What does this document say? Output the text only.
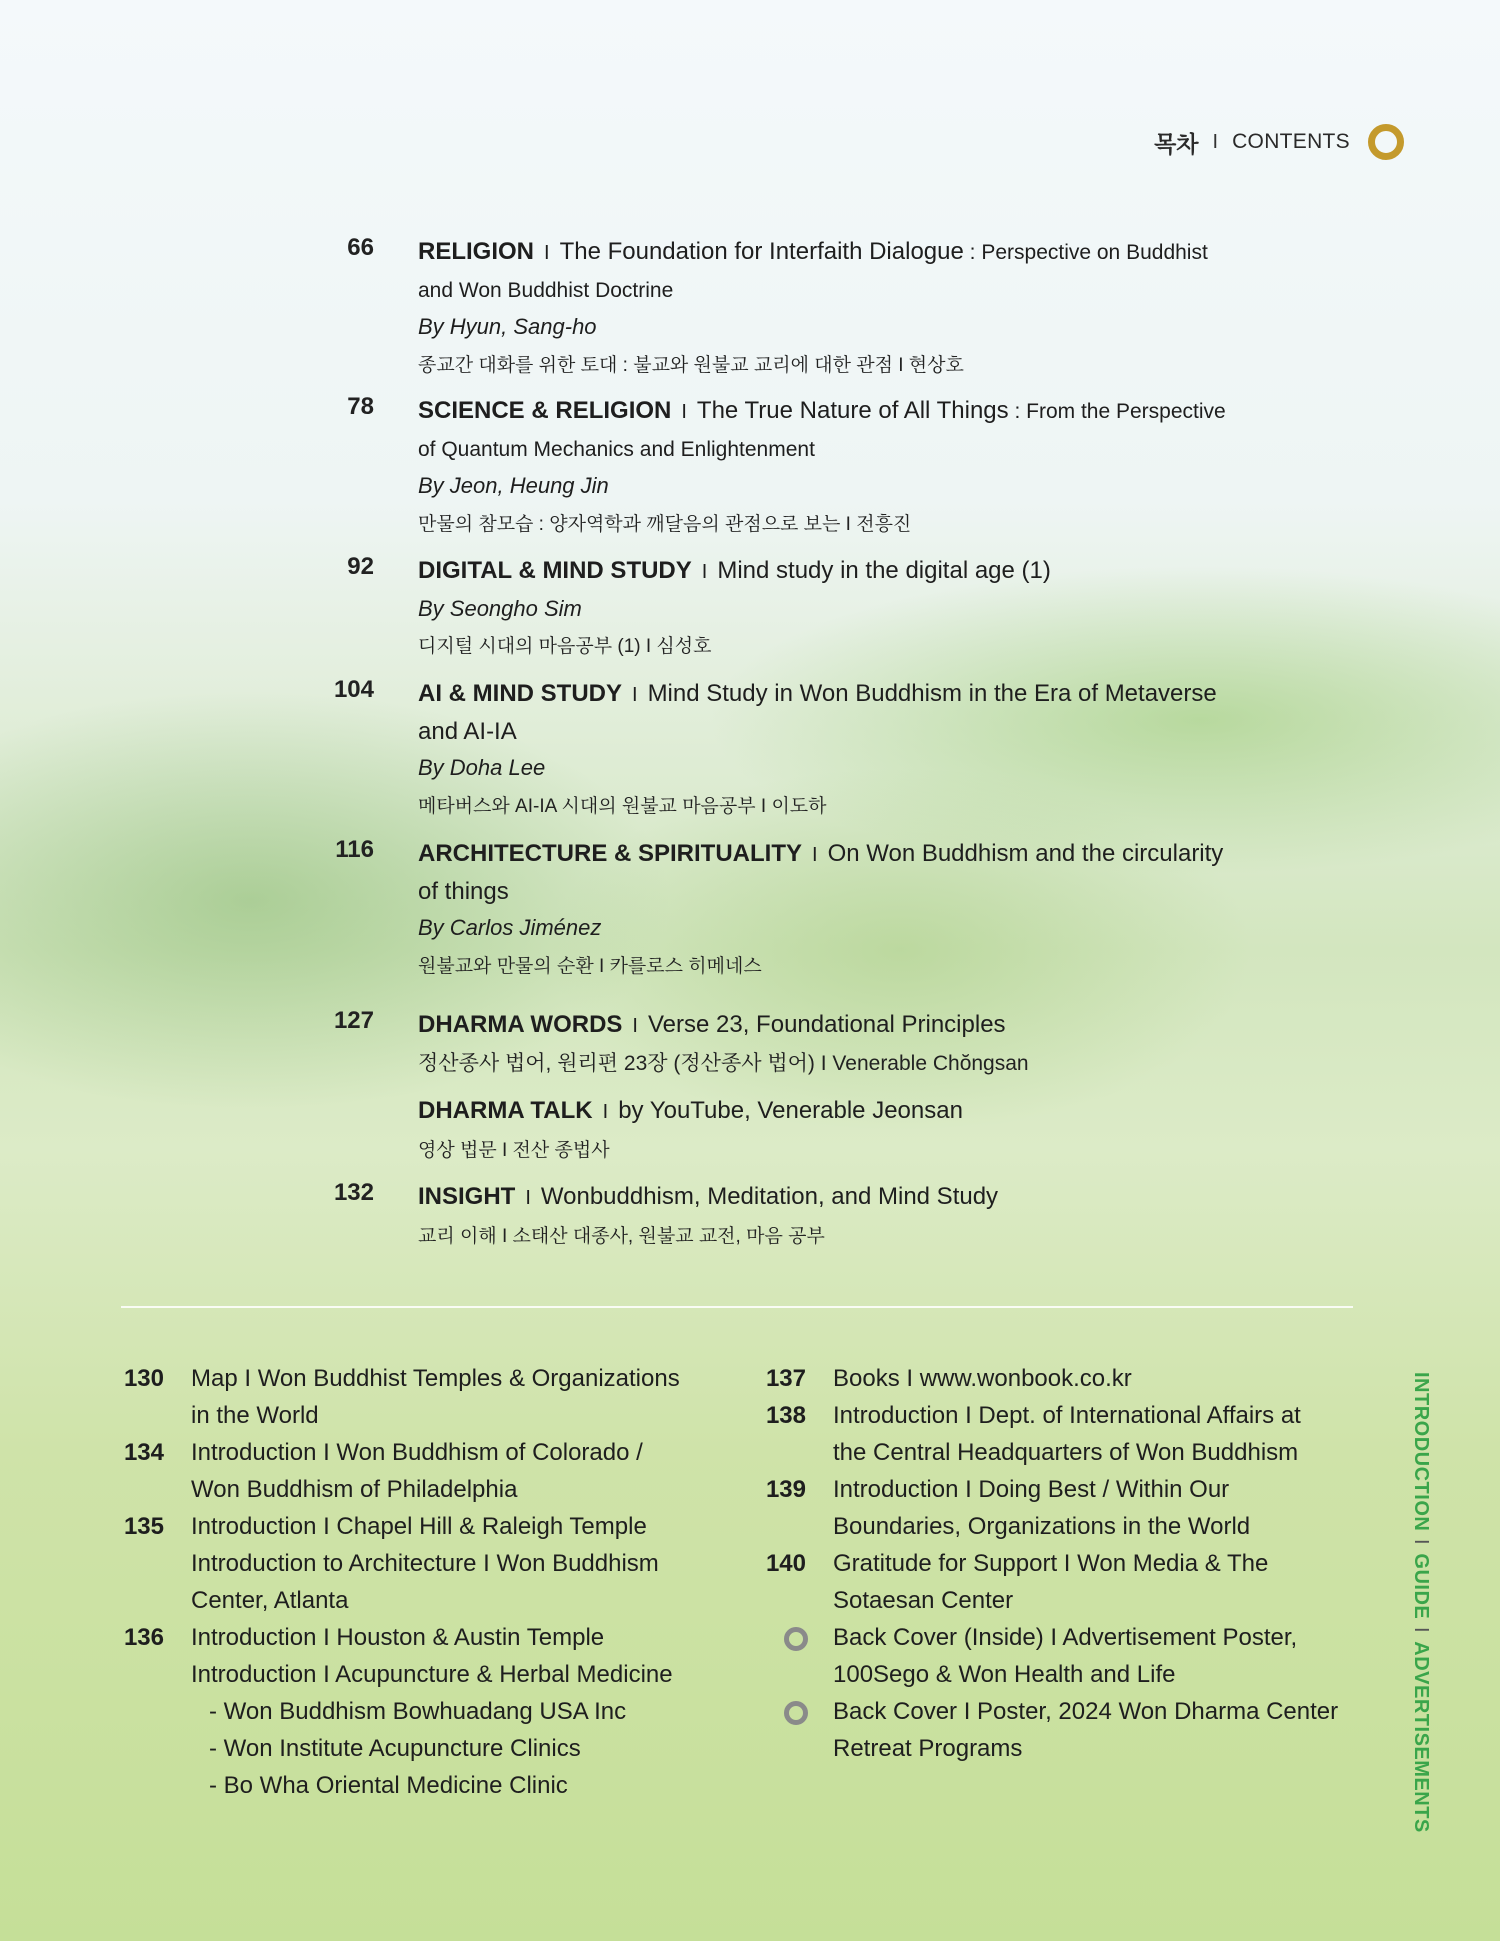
목차 I CONTENTS
66 RELIGION I The Foundation for Interfaith Dialogue : Perspective on Buddhist and Won Buddhist Doctrine
By Hyun, Sang-ho
종교간 대화를 위한 토대 : 불교와 원불교 교리에 대한 관점 I 현상호
78 SCIENCE & RELIGION I The True Nature of All Things : From the Perspective of Quantum Mechanics and Enlightenment
By Jeon, Heung Jin
만물의 참모습 : 양자역학과 깨달음의 관점으로 보는 I 전흥진
92 DIGITAL & MIND STUDY I Mind study in the digital age (1)
By Seongho Sim
디지털 시대의 마음공부 (1) I 심성호
104 AI & MIND STUDY I Mind Study in Won Buddhism in the Era of Metaverse and AI-IA
By Doha Lee
메타버스와 AI-IA 시대의 원불교 마음공부 I 이도하
116 ARCHITECTURE & SPIRITUALITY I On Won Buddhism and the circularity of things
By Carlos Jiménez
원불교와 만물의 순환 I 카를로스 히메네스
127 DHARMA WORDS I Verse 23, Foundational Principles
정산종사 법어, 원리편 23장 (정산종사 법어) I Venerable Chŏngsan
DHARMA TALK I by YouTube, Venerable Jeonsan
영상 법문 I 전산 종법사
132 INSIGHT I Wonbuddhism, Meditation, and Mind Study
교리 이해 I 소태산 대종사, 원불교 교전, 마음 공부
130 Map I Won Buddhist Temples & Organizations
in the World
134 Introduction I Won Buddhism of Colorado /
Won Buddhism of Philadelphia
135 Introduction I Chapel Hill & Raleigh Temple
Introduction to Architecture I Won Buddhism
Center, Atlanta
136 Introduction I Houston & Austin Temple
Introduction I Acupuncture & Herbal Medicine
- Won Buddhism Bowhuadang USA Inc
- Won Institute Acupuncture Clinics
- Bo Wha Oriental Medicine Clinic
137 Books I www.wonbook.co.kr
138 Introduction I Dept. of International Affairs at
the Central Headquarters of Won Buddhism
139 Introduction I Doing Best / Within Our
Boundaries, Organizations in the World
140 Gratitude for Support I Won Media & The
Sotaesan Center
Back Cover (Inside) I Advertisement Poster,
100Sego & Won Health and Life
Back Cover I Poster, 2024 Won Dharma Center
Retreat Programs
INTRODUCTIONIGUIDEIADVERTISEMENTS
